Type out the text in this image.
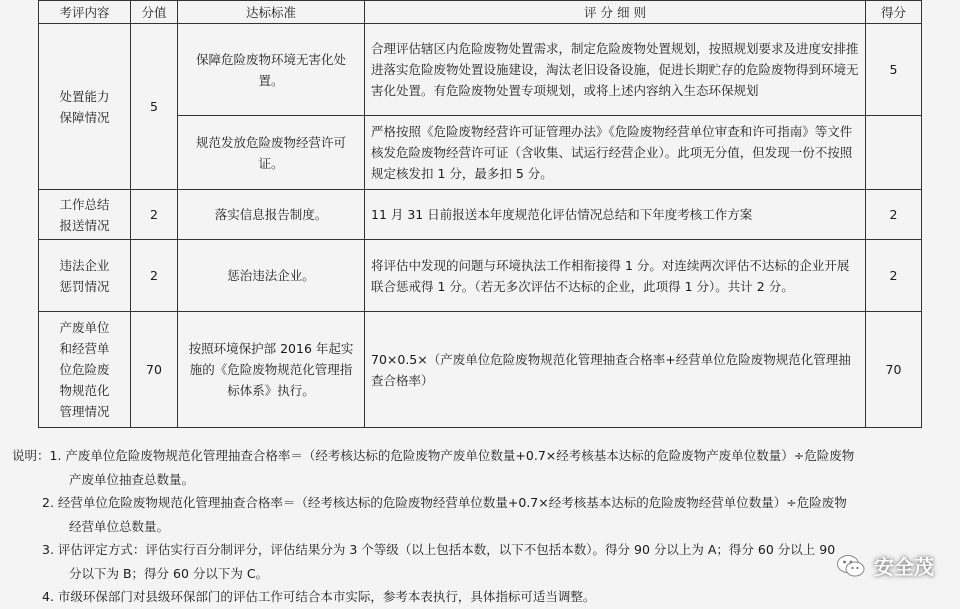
考评内容	分值	达标标准	评 分 细 则	得分
处置能力
保障情况	5	保障危险废物环境无害化处置。	合理评估辖区内危险废物处置需求，制定危险废物处置规划，按照规划要求及进度安排推进落实危险废物处置设施建设，淘汰老旧设备设施，促进长期贮存的危险废物得到环境无害化处置。有危险废物处置专项规划，或将上述内容纳入生态环保规划	5
		规范发放危险废物经营许可证。	严格按照《危险废物经营许可证管理办法》《危险废物经营单位审查和许可指南》等文件核发危险废物经营许可证（含收集、试运行经营企业）。此项无分值，但发现一份不按照规定核发扣 1 分，最多扣 5 分。	
工作总结
报送情况	2	落实信息报告制度。	11 月 31 日前报送本年度规范化评估情况总结和下年度考核工作方案	2
违法企业
惩罚情况	2	惩治违法企业。	将评估中发现的问题与环境执法工作相衔接得 1 分。对连续两次评估不达标的企业开展联合惩戒得 1 分。（若无多次评估不达标的企业，此项得 1 分）。共计 2 分。	2
产废单位
和经营单
位危险废
物规范化
管理情况	70	按照环境保护部 2016 年起实施的《危险废物规范化管理指标体系》执行。	70×0.5×（产废单位危险废物规范化管理抽查合格率+经营单位危险废物规范化管理抽查合格率）	70
说明：1. 产废单位危险废物规范化管理抽查合格率＝（经考核达标的危险废物产废单位数量+0.7×经考核基本达标的危险废物产废单位数量）÷危险废物
产废单位抽查总数量。
2. 经营单位危险废物规范化管理抽查合格率＝（经考核达标的危险废物经营单位数量+0.7×经考核基本达标的危险废物经营单位数量）÷危险废物
经营单位总数量。
3. 评估评定方式：评估实行百分制评分，评估结果分为 3 个等级（以上包括本数，以下不包括本数）。得分 90 分以上为 A；得分 60 分以上 90
分以下为 B；得分 60 分以下为 C。
4. 市级环保部门对县级环保部门的评估工作可结合本市实际，参考本表执行，具体指标可适当调整。
安全茂
